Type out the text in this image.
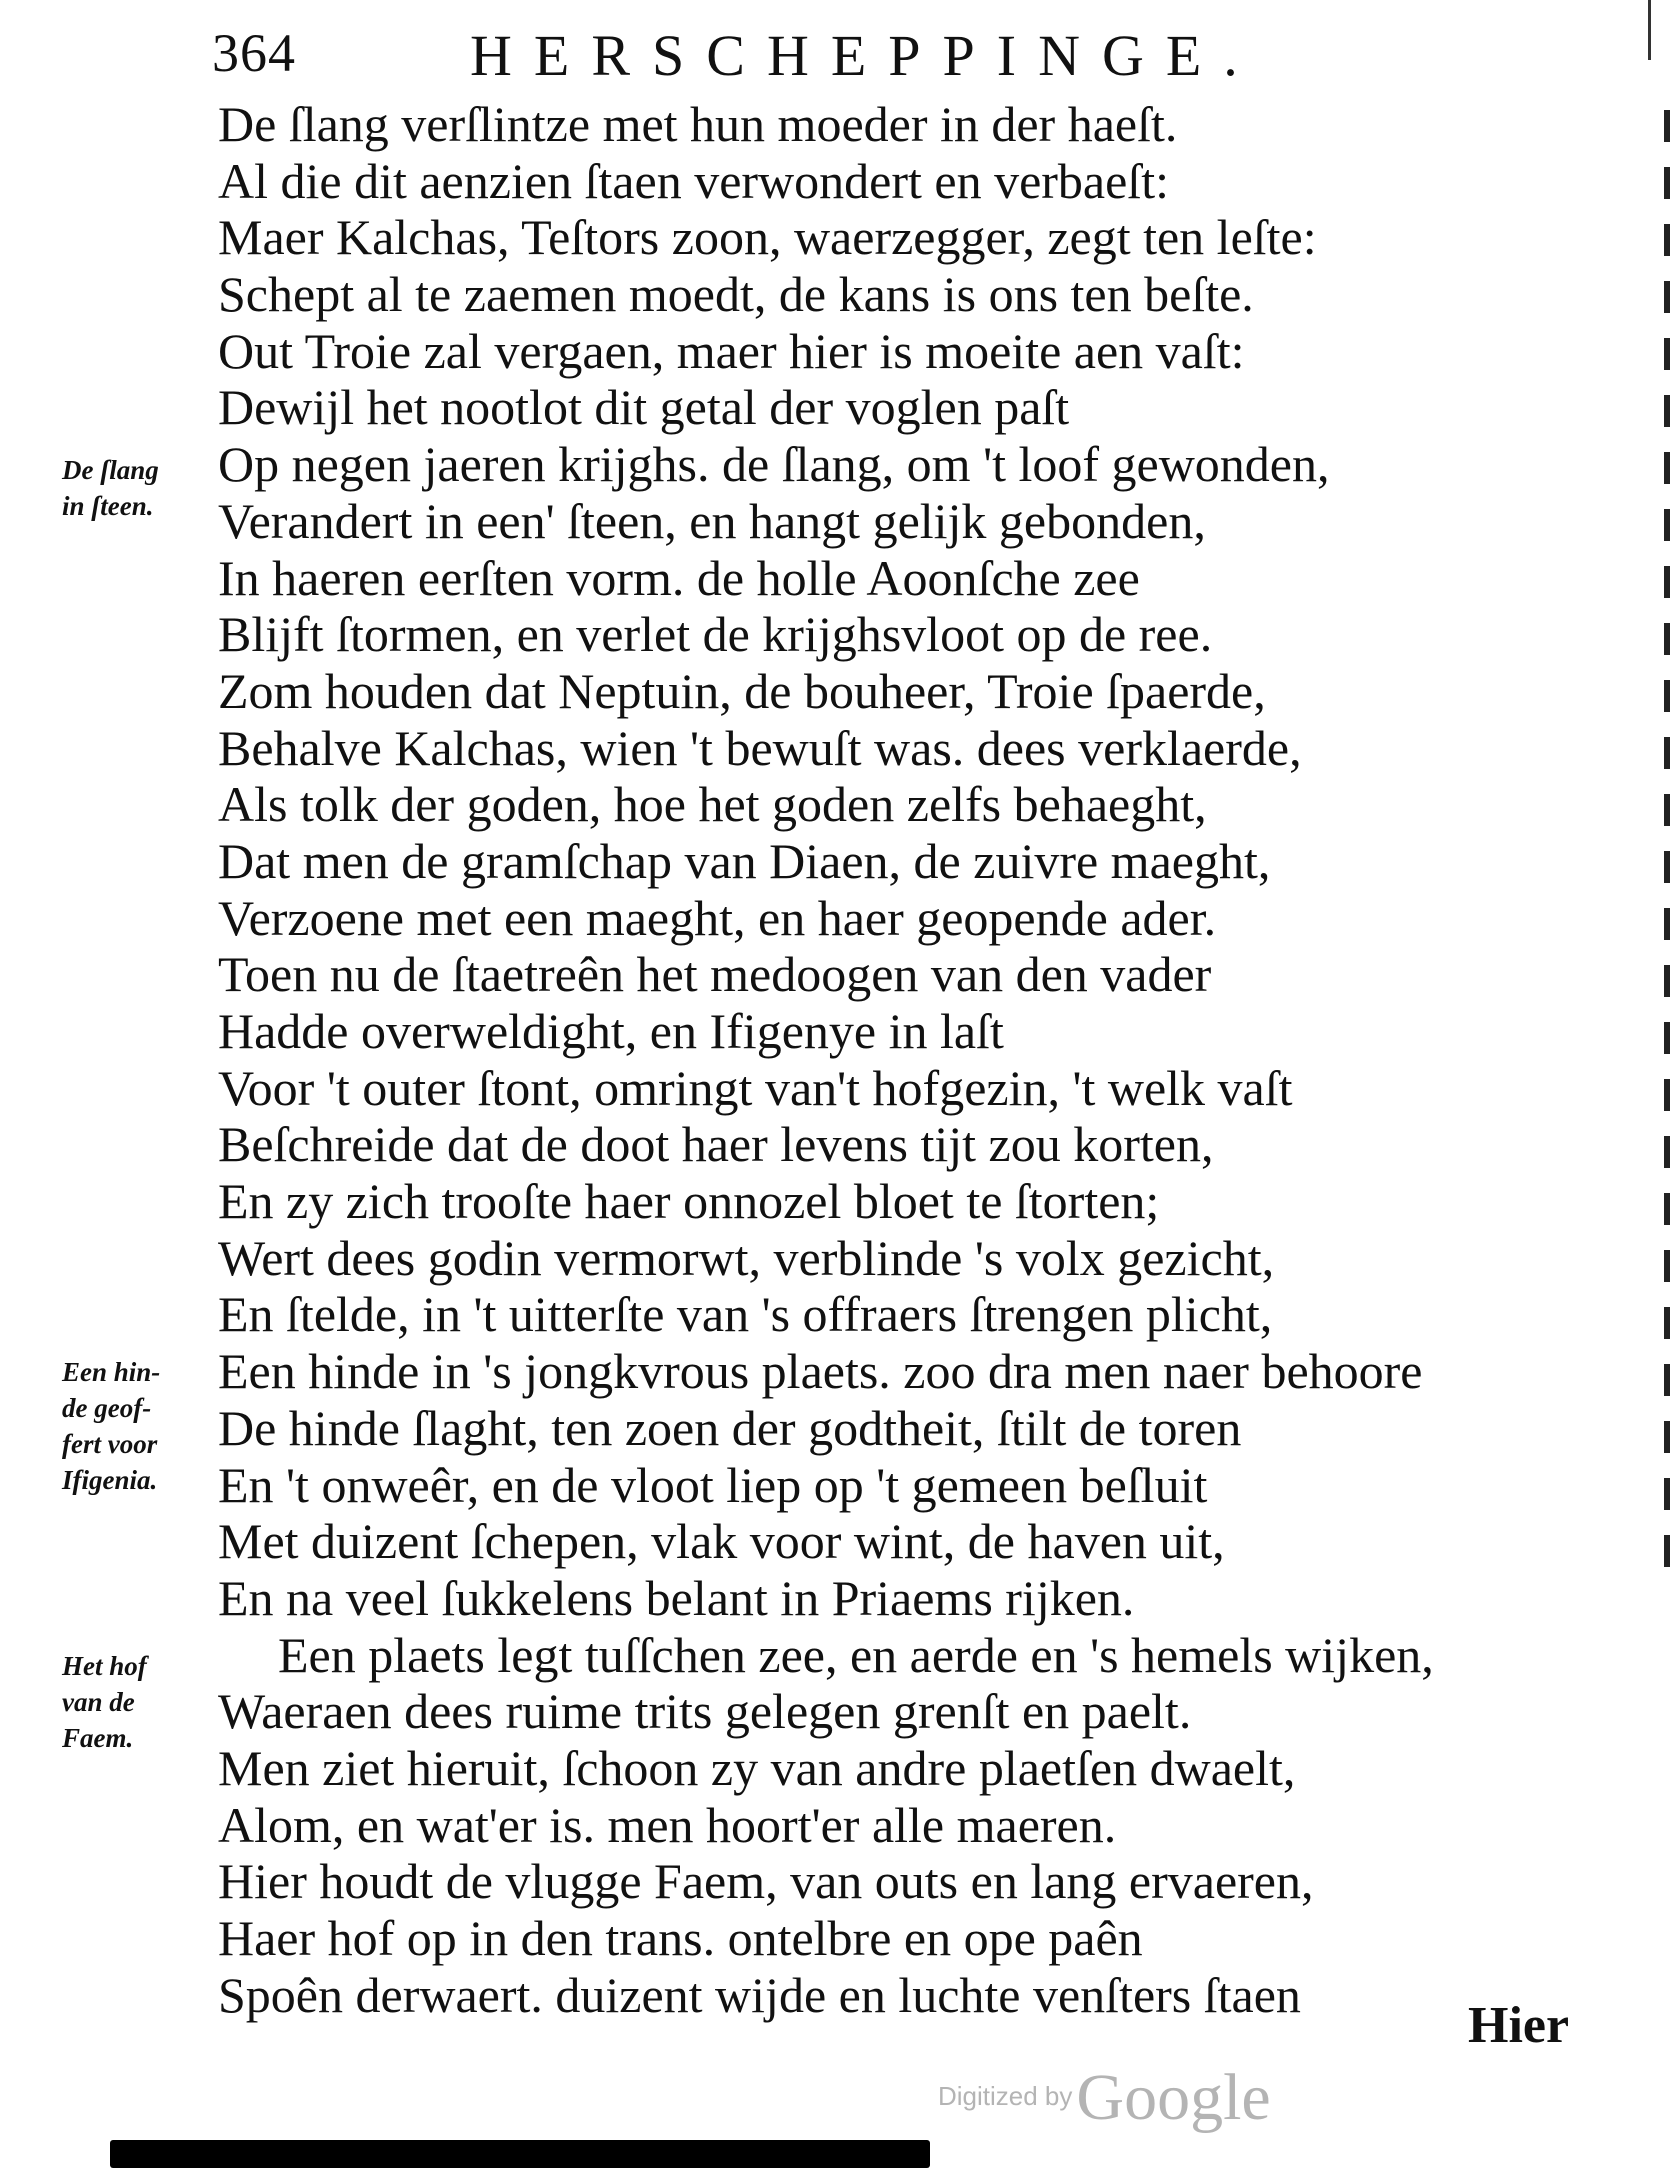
364	HERSCHEPPINGE.
De ſlang verſlintze met hun moeder in der haeſt.
Al die dit aenzien ſtaen verwondert en verbaeſt:
Maer Kalchas, Teſtors zoon, waerzegger, zegt ten leſte:
Schept al te zaemen moedt, de kans is ons ten beſte.
Out Troie zal vergaen, maer hier is moeite aen vaſt:
Dewijl het nootlot dit getal der voglen paſt
Op negen jaeren krijghs. de ſlang, om 't loof gewonden,
Verandert in een' ſteen, en hangt gelijk gebonden,
In haeren eerſten vorm. de holle Aoonſche zee
Blijft ſtormen, en verlet de krijghsvloot op de ree.
Zom houden dat Neptuin, de bouheer, Troie ſpaerde,
Behalve Kalchas, wien 't bewuſt was. dees verklaerde,
Als tolk der goden, hoe het goden zelfs behaeght,
Dat men de gramſchap van Diaen, de zuivre maeght,
Verzoene met een maeght, en haer geopende ader.
Toen nu de ſtaetreên het medoogen van den vader
Hadde overweldight, en Ifigenye in laſt
Voor 't outer ſtont, omringt van't hofgezin, 't welk vaſt
Beſchreide dat de doot haer levens tijt zou korten,
En zy zich trooſte haer onnozel bloet te ſtorten;
Wert dees godin vermorwt, verblinde 's volx gezicht,
En ſtelde, in 't uitterſte van 's offraers ſtrengen plicht,
Een hinde in 's jongkvrous plaets. zoo dra men naer behoore
De hinde ſlaght, ten zoen der godtheit, ſtilt de toren
En 't onweêr, en de vloot liep op 't gemeen beſluit
Met duizent ſchepen, vlak voor wint, de haven uit,
En na veel ſukkelens belant in Priaems rijken.
Een plaets legt tuſſchen zee, en aerde en 's hemels wijken,
Waeraen dees ruime trits gelegen grenſt en paelt.
Men ziet hieruit, ſchoon zy van andre plaetſen dwaelt,
Alom, en wat'er is. men hoort'er alle maeren.
Hier houdt de vlugge Faem, van outs en lang ervaeren,
Haer hof op in den trans. ontelbre en ope paên
Spoên derwaert. duizent wijde en luchte venſters ſtaen
De ſlang
in ſteen.
Een hin-
de geof-
fert voor
Ifigenia.
Het hof
van de
Faem.
Hier
Digitized by Google
